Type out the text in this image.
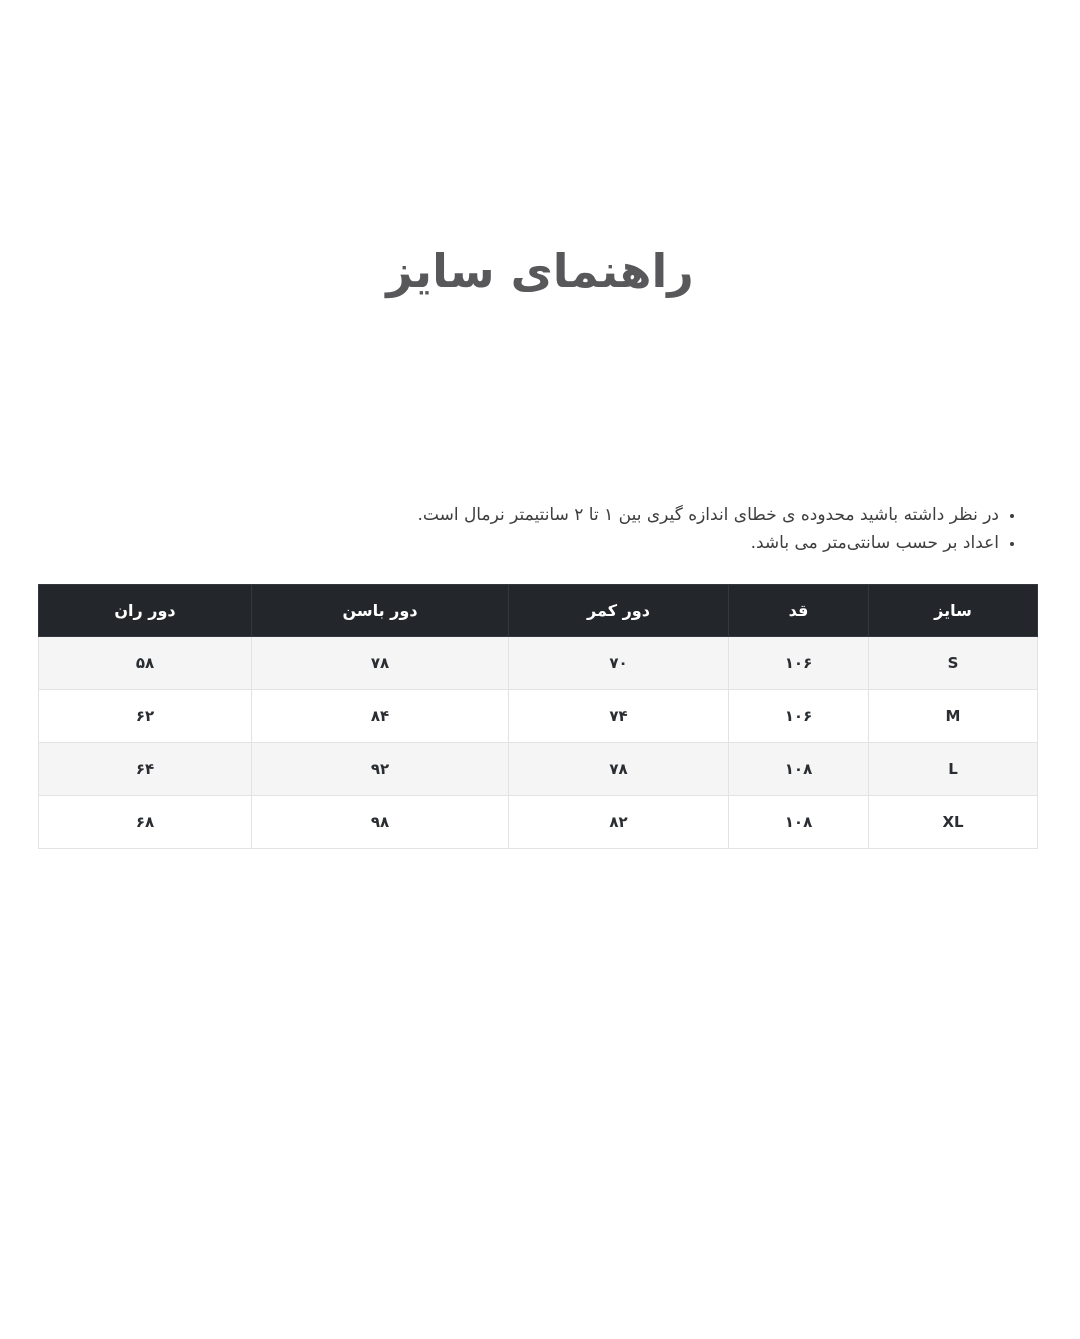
راهنمای سایز
• در نظر داشته باشید محدوده ی خطای اندازه گیری بین ۱ تا ۲ سانتیمتر نرمال است.
• اعداد بر حسب سانتی‌متر می باشد.
سایز	قد	دور کمر	دور باسن	دور ران
S	۱۰۶	۷۰	۷۸	۵۸
M	۱۰۶	۷۴	۸۴	۶۲
L	۱۰۸	۷۸	۹۲	۶۴
XL	۱۰۸	۸۲	۹۸	۶۸
